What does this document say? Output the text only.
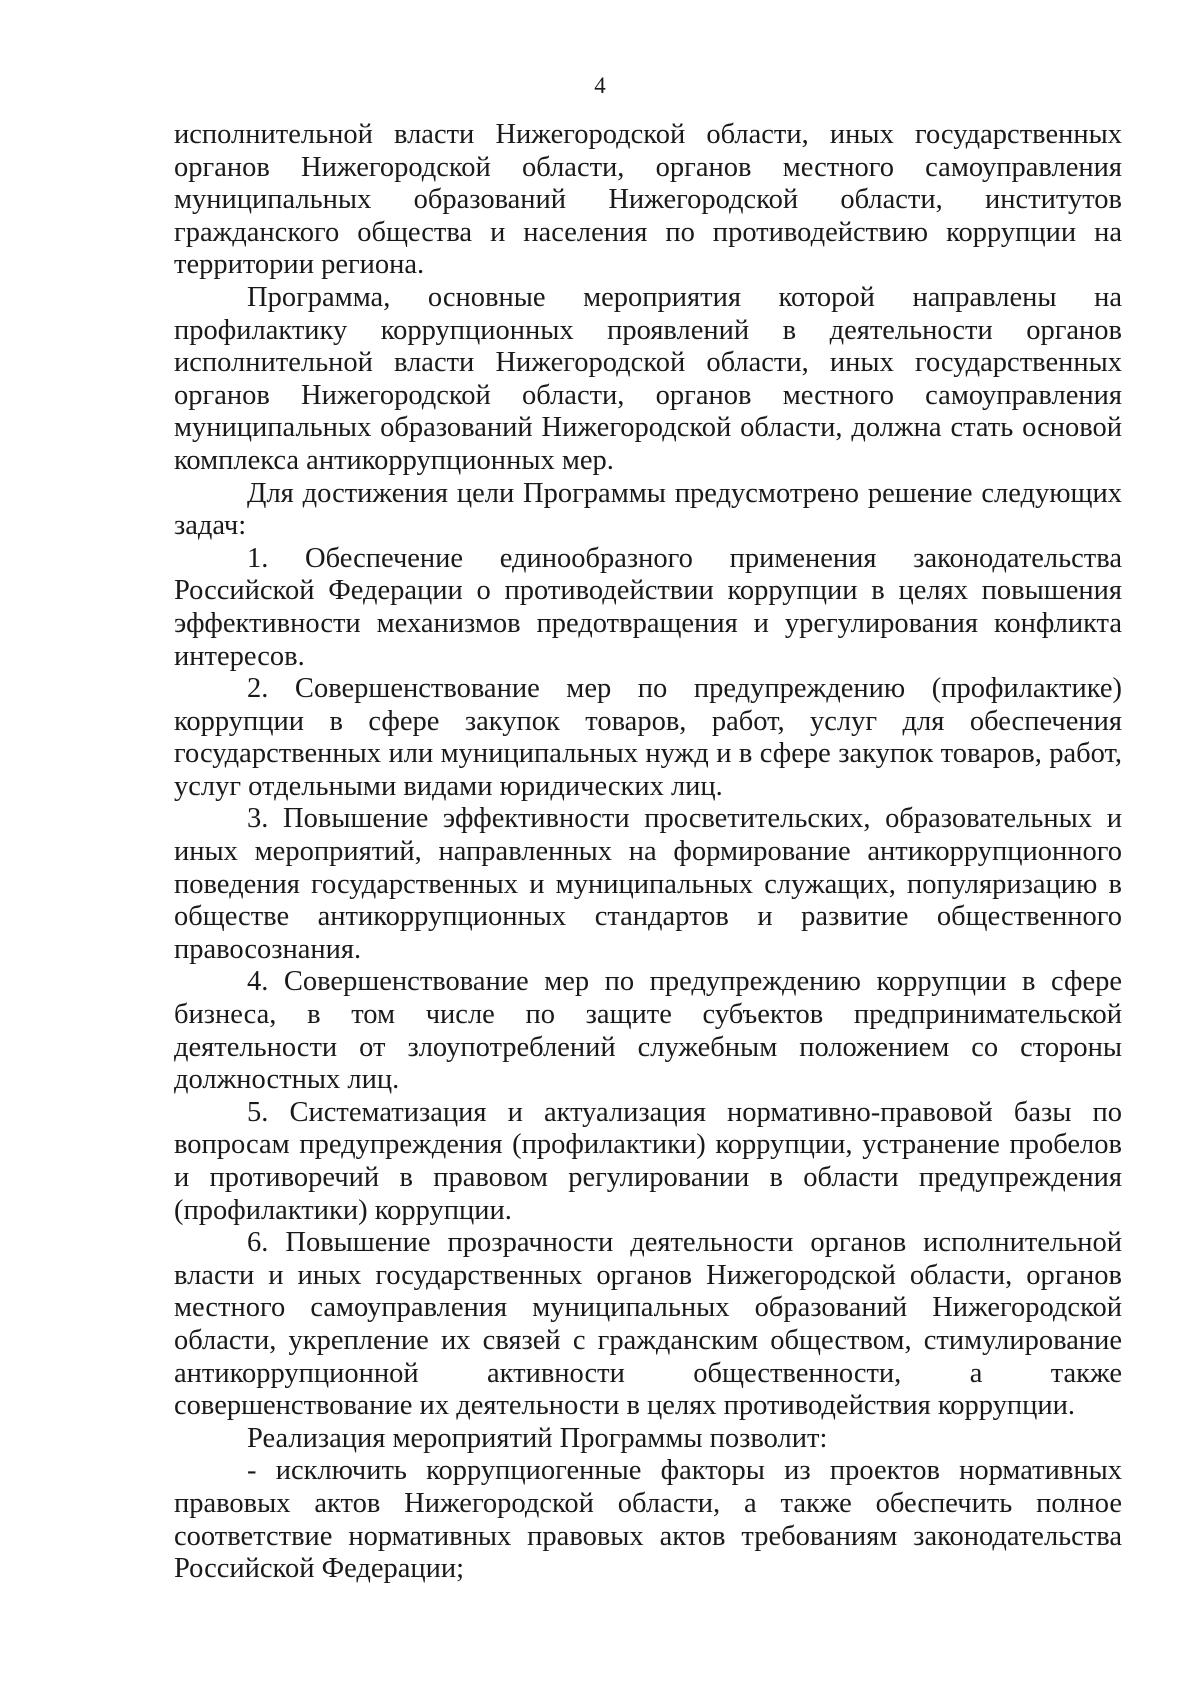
4

исполнительной власти Нижегородской области, иных государственных органов Нижегородской области, органов местного самоуправления муниципальных образований Нижегородской области, институтов гражданского общества и населения по противодействию коррупции на территории региона.

Программа, основные мероприятия которой направлены на профилактику коррупционных проявлений в деятельности органов исполнительной власти Нижегородской области, иных государственных органов Нижегородской области, органов местного самоуправления муниципальных образований Нижегородской области, должна стать основой комплекса антикоррупционных мер.

Для достижения цели Программы предусмотрено решение следующих задач:

1. Обеспечение единообразного применения законодательства Российской Федерации о противодействии коррупции в целях повышения эффективности механизмов предотвращения и урегулирования конфликта интересов.

2. Совершенствование мер по предупреждению (профилактике) коррупции в сфере закупок товаров, работ, услуг для обеспечения государственных или муниципальных нужд и в сфере закупок товаров, работ, услуг отдельными видами юридических лиц.

3. Повышение эффективности просветительских, образовательных и иных мероприятий, направленных на формирование антикоррупционного поведения государственных и муниципальных служащих, популяризацию в обществе антикоррупционных стандартов и развитие общественного правосознания.

4. Совершенствование мер по предупреждению коррупции в сфере бизнеса, в том числе по защите субъектов предпринимательской деятельности от злоупотреблений служебным положением со стороны должностных лиц.

5. Систематизация и актуализация нормативно-правовой базы по вопросам предупреждения (профилактики) коррупции, устранение пробелов и противоречий в правовом регулировании в области предупреждения (профилактики) коррупции.

6. Повышение прозрачности деятельности органов исполнительной власти и иных государственных органов Нижегородской области, органов местного самоуправления муниципальных образований Нижегородской области, укрепление их связей с гражданским обществом, стимулирование антикоррупционной активности общественности, а также совершенствование их деятельности в целях противодействия коррупции.

Реализация мероприятий Программы позволит:

- исключить коррупциогенные факторы из проектов нормативных правовых актов Нижегородской области, а также обеспечить полное соответствие нормативных правовых актов требованиям законодательства Российской Федерации;
